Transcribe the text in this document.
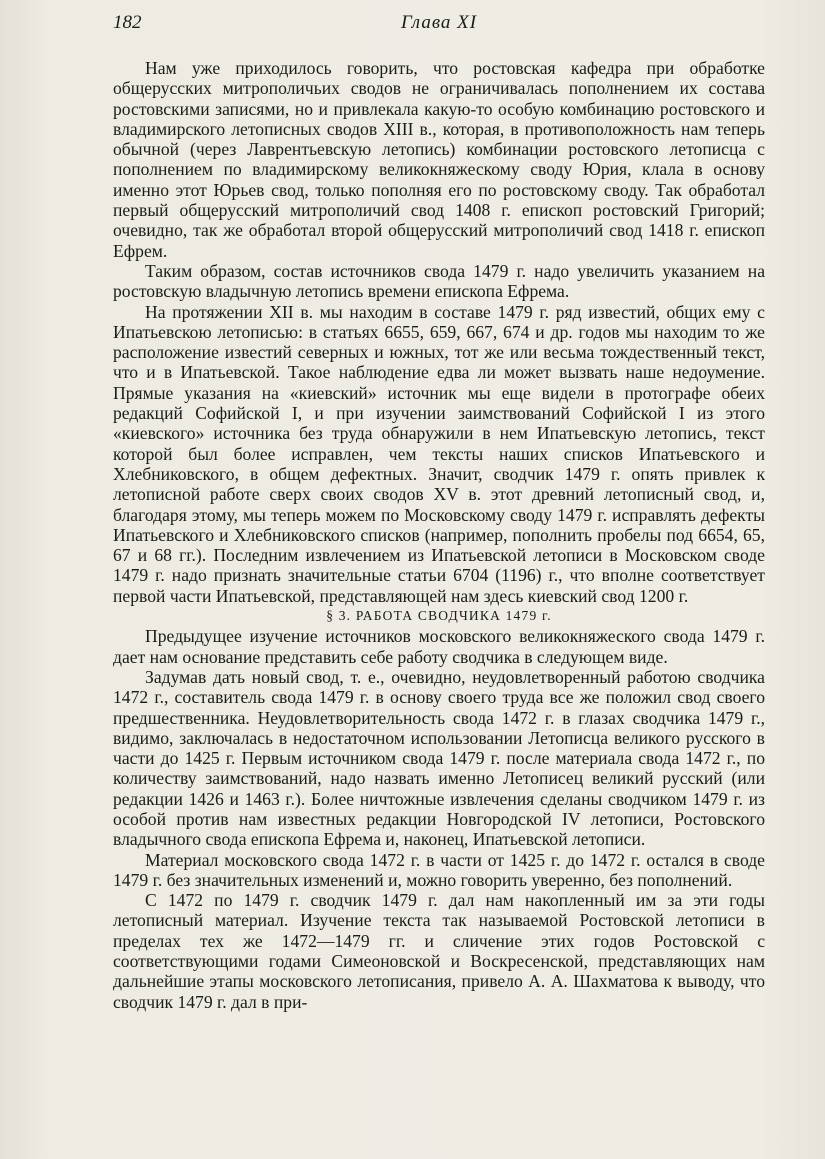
182	Глава XI

Нам уже приходилось говорить, что ростовская кафедра при обработке общерусских митрополичьих сводов не ограничивалась пополнением их состава ростовскими записями, но и привлекала какую-то особую комбинацию ростовского и владимирского летописных сводов XIII в., которая, в противоположность нам теперь обычной (через Лаврентьевскую летопись) комбинации ростовского летописца с пополнением по владимирскому великокняжескому своду Юрия, клала в основу именно этот Юрьев свод, только пополняя его по ростовскому своду. Так обработал первый общерусский митрополичий свод 1408 г. епископ ростовский Григорий; очевидно, так же обработал второй общерусский митрополичий свод 1418 г. епископ Ефрем.

Таким образом, состав источников свода 1479 г. надо увеличить указанием на ростовскую владычную летопись времени епископа Ефрема.

На протяжении XII в. мы находим в составе 1479 г. ряд известий, общих ему с Ипатьевскою летописью: в статьях 6655, 659, 667, 674 и др. годов мы находим то же расположение известий северных и южных, тот же или весьма тождественный текст, что и в Ипатьевской. Такое наблюдение едва ли может вызвать наше недоумение. Прямые указания на «киевский» источник мы еще видели в протографе обеих редакций Софийской I, и при изучении заимствований Софийской I из этого «киевского» источника без труда обнаружили в нем Ипатьевскую летопись, текст которой был более исправлен, чем тексты наших списков Ипатьевского и Хлебниковского, в общем дефектных. Значит, сводчик 1479 г. опять привлек к летописной работе сверх своих сводов XV в. этот древний летописный свод, и, благодаря этому, мы теперь можем по Московскому своду 1479 г. исправлять дефекты Ипатьевского и Хлебниковского списков (например, пополнить пробелы под 6654, 65, 67 и 68 гг.). Последним извлечением из Ипатьевской летописи в Московском своде 1479 г. надо признать значительные статьи 6704 (1196) г., что вполне соответствует первой части Ипатьевской, представляющей нам здесь киевский свод 1200 г.

§ 3. РАБОТА СВОДЧИКА 1479 г.

Предыдущее изучение источников московского великокняжеского свода 1479 г. дает нам основание представить себе работу сводчика в следующем виде.

Задумав дать новый свод, т. е., очевидно, неудовлетворенный работою сводчика 1472 г., составитель свода 1479 г. в основу своего труда все же положил свод своего предшественника. Неудовлетворительность свода 1472 г. в глазах сводчика 1479 г., видимо, заключалась в недостаточном использовании Летописца великого русского в части до 1425 г. Первым источником свода 1479 г. после материала свода 1472 г., по количеству заимствований, надо назвать именно Летописец великий русский (или редакции 1426 и 1463 г.). Более ничтожные извлечения сделаны сводчиком 1479 г. из особой против нам известных редакции Новгородской IV летописи, Ростовского владычного свода епископа Ефрема и, наконец, Ипатьевской летописи.

Материал московского свода 1472 г. в части от 1425 г. до 1472 г. остался в своде 1479 г. без значительных изменений и, можно говорить уверенно, без пополнений.

С 1472 по 1479 г. сводчик 1479 г. дал нам накопленный им за эти годы летописный материал. Изучение текста так называемой Ростовской летописи в пределах тех же 1472—1479 гг. и сличение этих годов Ростовской с соответствующими годами Симеоновской и Воскресенской, представляющих нам дальнейшие этапы московского летописания, привело А. А. Шахматова к выводу, что сводчик 1479 г. дал в при-
